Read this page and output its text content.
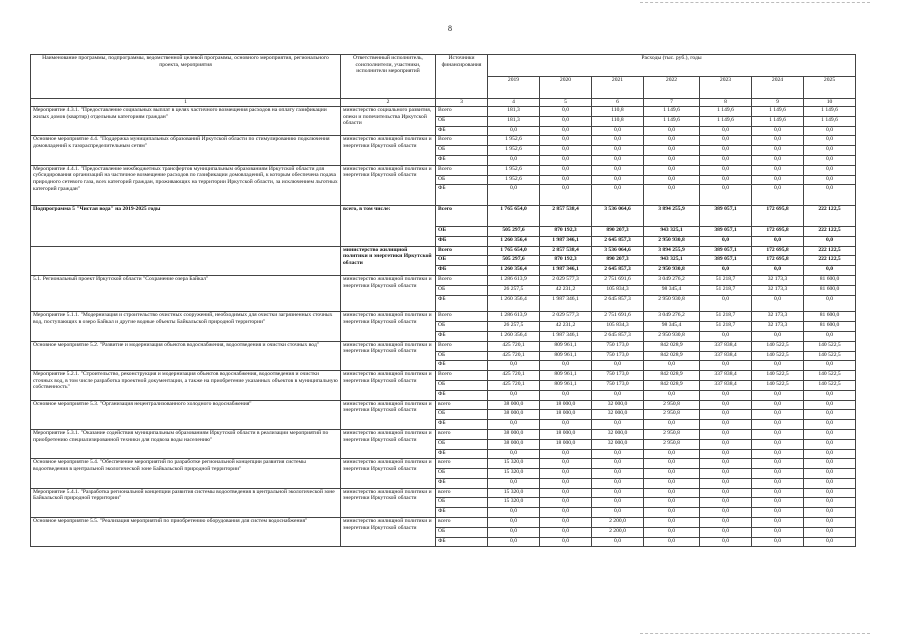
8
Наименование программы, подпрограммы, ведомственной целевой программы, основного мероприятия, регионального проекта, мероприятия	Ответственный исполнитель, соисполнители, участники, исполнители мероприятий	Источники финансирования	Расходы (тыс. руб.), годы						
			2019	2020	2021	2022	2023	2024	2025
1	2	3	4	5	6	7	8	9	10
Мероприятие 4.3.1. "Предоставление социальных выплат в целях частичного возмещения расходов на оплату газификации жилых домов (квартир) отдельным категориям граждан"	министерство социального развития, опеки и попечительства Иркутской области	Всего	181,3	0,0	110,8	1 149,6	1 149,6	1 149,6	1 149,6
		ОБ	181,3	0,0	110,8	1 149,6	1 149,6	1 149,6	1 149,6
		ФБ	0,0	0,0	0,0	0,0	0,0	0,0	0,0
Основное мероприятие 4.4. "Поддержка муниципальных образований Иркутской области по стимулированию подключения домовладений к газораспределительным сетям"	министерство жилищной политики и энергетики Иркутской области	Всего	1 952,6	0,0	0,0	0,0	0,0	0,0	0,0
		ОБ	1 952,6	0,0	0,0	0,0	0,0	0,0	0,0
		ФБ	0,0	0,0	0,0	0,0	0,0	0,0	0,0
Мероприятие 4.4.1. "Предоставление межбюджетных трансфертов муниципальным образованиям Иркутской области для субсидирования организаций на частичное возмещение расходов по газификации домовладений, к которым обеспечена подача природного сетевого газа, всех категорий граждан, проживающих на территории Иркутской области, за исключением льготных категорий граждан"	министерство жилищной политики и энергетики Иркутской области	Всего	1 952,6	0,0	0,0	0,0	0,0	0,0	0,0
		ОБ	1 952,6	0,0	0,0	0,0	0,0	0,0	0,0
		ФБ	0,0	0,0	0,0	0,0	0,0	0,0	0,0
Подпрограмма 5 "Чистая вода" на 2019-2025 годы	всего, в том числе:	Всего	1 765 654,0	2 857 538,4	3 536 064,6	3 894 255,9	389 057,1	172 695,8	222 122,5
		ОБ	505 297,6	870 192,3	890 207,3	943 325,1	389 057,1	172 695,8	222 122,5
		ФБ	1 260 356,4	1 987 346,1	2 645 857,3	2 950 930,8	0,0	0,0	0,0
	министерство жилищной политики и энергетики Иркутской области	Всего	1 765 654,0	2 857 538,4	3 536 064,6	3 894 255,9	389 057,1	172 695,8	222 122,5
		ОБ	505 297,6	870 192,3	890 207,3	943 325,1	389 057,1	172 695,8	222 122,5
		ФБ	1 260 356,4	1 987 346,1	2 645 857,3	2 950 930,8	0,0	0,0	0,0
5.1. Региональный проект Иркутской области "Сохранение озера Байкал"	министерство жилищной политики и энергетики Иркутской области	Всего	1 286 613,9	2 029 577,3	2 751 691,6	3 049 276,2	51 218,7	32 173,3	81 600,0
		ОБ	26 257,5	42 231,2	105 834,3	98 345,4	51 218,7	32 173,3	81 600,0
		ФБ	1 260 356,4	1 987 346,1	2 645 857,3	2 950 930,8	0,0	0,0	0,0
Мероприятие 5.1.1. "Модернизация и строительство очистных сооружений, необходимых для очистки загрязненных сточных вод, поступающих в озеро Байкал и другие водные объекты Байкальской природной территории"	министерство жилищной политики и энергетики Иркутской области	Всего	1 286 613,9	2 029 577,3	2 751 691,6	3 049 276,2	51 218,7	32 173,3	81 600,0
		ОБ	26 257,5	42 231,2	105 834,3	98 345,4	51 218,7	32 173,3	81 600,0
		ФБ	1 260 356,4	1 987 346,1	2 645 857,3	2 950 930,8	0,0	0,0	0,0
Основное мероприятие 5.2. "Развитие и модернизация объектов водоснабжения, водоотведения и очистки сточных вод"	министерство жилищной политики и энергетики Иркутской области	Всего	425 720,1	809 961,1	750 173,0	842 028,9	337 838,4	140 522,5	140 522,5
		ОБ	425 720,1	809 961,1	750 173,0	842 028,9	337 838,4	140 522,5	140 522,5
		ФБ	0,0	0,0	0,0	0,0	0,0	0,0	0,0
Мероприятие 5.2.1. "Строительство, реконструкция и модернизация объектов водоснабжения, водоотведения и очистки сточных вод, в том числе разработка проектной документации, а также на приобретение указанных объектов в муниципальную собственность"	министерство жилищной политики и энергетики Иркутской области	Всего	425 720,1	809 961,1	750 173,0	842 028,9	337 838,4	140 522,5	140 522,5
		ОБ	425 720,1	809 961,1	750 173,0	842 028,9	337 838,4	140 522,5	140 522,5
		ФБ	0,0	0,0	0,0	0,0	0,0	0,0	0,0
Основное мероприятие 5.3. "Организация нецентрализованного холодного водоснабжения"	министерство жилищной политики и энергетики Иркутской области	всего	38 000,0	18 000,0	32 000,0	2 950,8	0,0	0,0	0,0
		ОБ	38 000,0	18 000,0	32 000,0	2 950,8	0,0	0,0	0,0
		ФБ	0,0	0,0	0,0	0,0	0,0	0,0	0,0
Мероприятие 5.3.1. "Оказание содействия муниципальным образованиям Иркутской области в реализации мероприятий по приобретению специализированной техники для подвоза воды населению"	министерство жилищной политики и энергетики Иркутской области	всего	38 000,0	18 000,0	32 000,0	2 950,8	0,0	0,0	0,0
		ОБ	38 000,0	18 000,0	32 000,0	2 950,8	0,0	0,0	0,0
		ФБ	0,0	0,0	0,0	0,0	0,0	0,0	0,0
Основное мероприятие 5.4. "Обеспечение мероприятий по разработке региональной концепции развития системы водоотведения в центральной экологической зоне Байкальской природной территории"	министерство жилищной политики и энергетики Иркутской области	всего	15 320,0	0,0	0,0	0,0	0,0	0,0	0,0
		ОБ	15 320,0	0,0	0,0	0,0	0,0	0,0	0,0
		ФБ	0,0	0,0	0,0	0,0	0,0	0,0	0,0
Мероприятие 5.4.1. "Разработка региональной концепции развития системы водоотведения в центральной экологической зоне Байкальской природной территории"	министерство жилищной политики и энергетики Иркутской области	всего	15 320,0	0,0	0,0	0,0	0,0	0,0	0,0
		ОБ	15 320,0	0,0	0,0	0,0	0,0	0,0	0,0
		ФБ	0,0	0,0	0,0	0,0	0,0	0,0	0,0
Основное мероприятие 5.5. "Реализация мероприятий по приобретению оборудования для систем водоснабжения"	министерство жилищной политики и энергетики Иркутской области	всего	0,0	0,0	2 200,0	0,0	0,0	0,0	0,0
		ОБ	0,0	0,0	2 200,0	0,0	0,0	0,0	0,0
		ФБ	0,0	0,0	0,0	0,0	0,0	0,0	0,0
